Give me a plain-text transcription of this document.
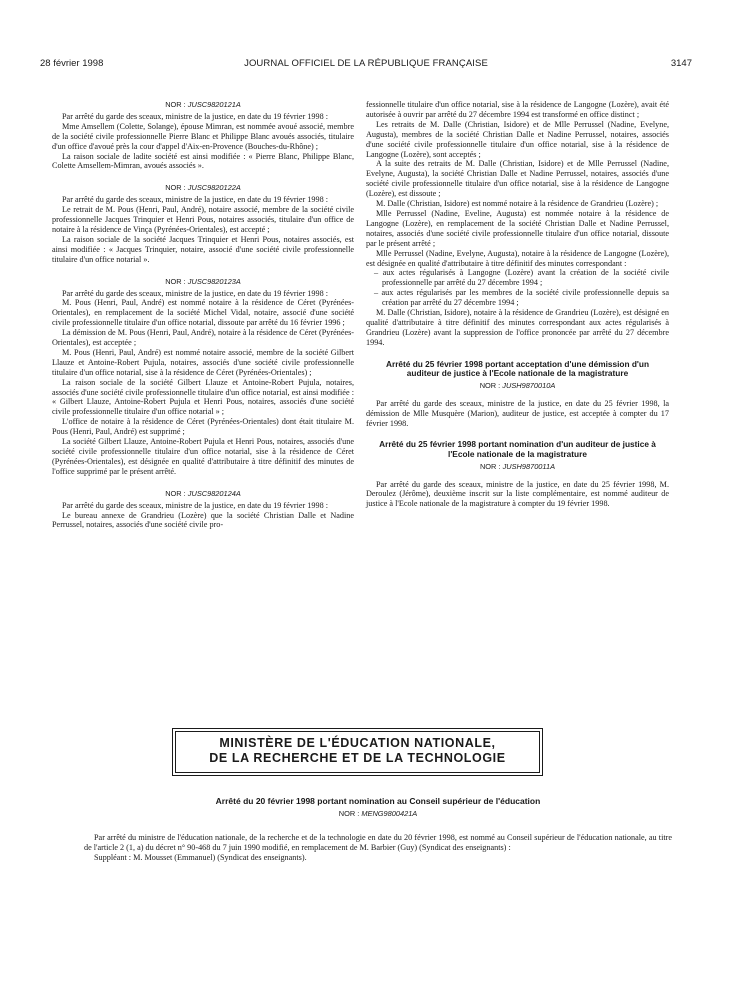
28 février 1998	JOURNAL OFFICIEL DE LA RÉPUBLIQUE FRANÇAISE	3147
NOR : JUSC9820121A

Par arrêté du garde des sceaux, ministre de la justice, en date du 19 février 1998 :

Mme Amsellem (Colette, Solange), épouse Mimran, est nommée avoué associé, membre de la société civile professionnelle Pierre Blanc et Philippe Blanc avoués associés, titulaire d'un office d'avoué près la cour d'appel d'Aix-en-Provence (Bouches-du-Rhône) ;

La raison sociale de ladite société est ainsi modifiée : « Pierre Blanc, Philippe Blanc, Colette Amsellem-Mimran, avoués associés ».

NOR : JUSC9820122A

Par arrêté du garde des sceaux, ministre de la justice, en date du 19 février 1998 :

Le retrait de M. Pous (Henri, Paul, André), notaire associé, membre de la société civile professionnelle Jacques Trinquier et Henri Pous, notaires associés, titulaire d'un office de notaire à la résidence de Vinça (Pyrénées-Orientales), est accepté ;

La raison sociale de la société Jacques Trinquier et Henri Pous, notaires associés, est ainsi modifiée : « Jacques Trinquier, notaire, associé d'une société civile professionnelle titulaire d'un office notarial ».

NOR : JUSC9820123A

Par arrêté du garde des sceaux, ministre de la justice, en date du 19 février 1998 :

M. Pous (Henri, Paul, André) est nommé notaire à la résidence de Céret (Pyrénées-Orientales), en remplacement de la société Michel Vidal, notaire, associé d'une société civile professionnelle titulaire d'un office notarial, dissoute par arrêté du 16 février 1996 ;

La démission de M. Pous (Henri, Paul, André), notaire à la résidence de Céret (Pyrénées-Orientales), est acceptée ;

M. Pous (Henri, Paul, André) est nommé notaire associé, membre de la société Gilbert Llauze et Antoine-Robert Pujula, notaires, associés d'une société civile professionnelle titulaire d'un office notarial, sise à la résidence de Céret (Pyrénées-Orientales) ;

La raison sociale de la société Gilbert Llauze et Antoine-Robert Pujula, notaires, associés d'une société civile professionnelle titulaire d'un office notarial, est ainsi modifiée : « Gilbert Llauze, Antoine-Robert Pujula et Henri Pous, notaires, associés d'une société civile professionnelle titulaire d'un office notarial » ;

L'office de notaire à la résidence de Céret (Pyrénées-Orientales) dont était titulaire M. Pous (Henri, Paul, André) est supprimé ;

La société Gilbert Llauze, Antoine-Robert Pujula et Henri Pous, notaires, associés d'une société civile professionnelle titulaire d'un office notarial, sise à la résidence de Céret (Pyrénées-Orientales), est désignée en qualité d'attributaire à titre définitif des minutes de l'office supprimé par le présent arrêté.

NOR : JUSC9820124A

Par arrêté du garde des sceaux, ministre de la justice, en date du 19 février 1998 :

Le bureau annexe de Grandrieu (Lozère) que la société Christian Dalle et Nadine Perrussel, notaires, associés d'une société civile pro-

fessionnelle titulaire d'un office notarial, sise à la résidence de Langogne (Lozère), avait été autorisée à ouvrir par arrêté du 27 décembre 1994 est transformé en office distinct ;

Les retraits de M. Dalle (Christian, Isidore) et de Mlle Perrussel (Nadine, Evelyne, Augusta), membres de la société Christian Dalle et Nadine Perrussel, notaires, associés d'une société civile professionnelle titulaire d'un office notarial, sise à la résidence de Langogne (Lozère), sont acceptés ;

A la suite des retraits de M. Dalle (Christian, Isidore) et de Mlle Perrussel (Nadine, Evelyne, Augusta), la société Christian Dalle et Nadine Perrussel, notaires, associés d'une société civile professionnelle titulaire d'un office notarial, sise à la résidence de Langogne (Lozère), est dissoute ;

M. Dalle (Christian, Isidore) est nommé notaire à la résidence de Grandrieu (Lozère) ;

Mlle Perrussel (Nadine, Eveline, Augusta) est nommée notaire à la résidence de Langogne (Lozère), en remplacement de la société Christian Dalle et Nadine Perrussel, notaires, associés d'une société civile professionnelle titulaire d'un office notarial, dissoute par le présent arrêté ;

Mlle Perrussel (Nadine, Evelyne, Augusta), notaire à la résidence de Langogne (Lozère), est désignée en qualité d'attributaire à titre définitif des minutes correspondant :

– aux actes régularisés à Langogne (Lozère) avant la création de la société civile professionnelle par arrêté du 27 décembre 1994 ;
– aux actes régularisés par les membres de la société civile professionnelle depuis sa création par arrêté du 27 décembre 1994 ;

M. Dalle (Christian, Isidore), notaire à la résidence de Grandrieu (Lozère), est désigné en qualité d'attributaire à titre définitif des minutes correspondant aux actes régularisés à Grandrieu (Lozère) avant la suppression de l'office prononcée par arrêté du 27 décembre 1994.

Arrêté du 25 février 1998 portant acceptation d'une démission d'un auditeur de justice à l'Ecole nationale de la magistrature
NOR : JUSH9870010A

Par arrêté du garde des sceaux, ministre de la justice, en date du 25 février 1998, la démission de Mlle Musquère (Marion), auditeur de justice, est acceptée à compter du 17 février 1998.

Arrêté du 25 février 1998 portant nomination d'un auditeur de justice à l'Ecole nationale de la magistrature
NOR : JUSH9870011A

Par arrêté du garde des sceaux, ministre de la justice, en date du 25 février 1998, M. Deroulez (Jérôme), deuxième inscrit sur la liste complémentaire, est nommé auditeur de justice à l'Ecole nationale de la magistrature à compter du 19 février 1998.

MINISTÈRE DE L'ÉDUCATION NATIONALE,
DE LA RECHERCHE ET DE LA TECHNOLOGIE
Arrêté du 20 février 1998 portant nomination au Conseil supérieur de l'éducation
NOR : MENG9800421A

Par arrêté du ministre de l'éducation nationale, de la recherche et de la technologie en date du 20 février 1998, est nommé au Conseil supérieur de l'éducation nationale, au titre de l'article 2 (1, a) du décret n° 90-468 du 7 juin 1990 modifié, en remplacement de M. Barbier (Guy) (Syndicat des enseignants) :

Suppléant : M. Mousset (Emmanuel) (Syndicat des enseignants).
